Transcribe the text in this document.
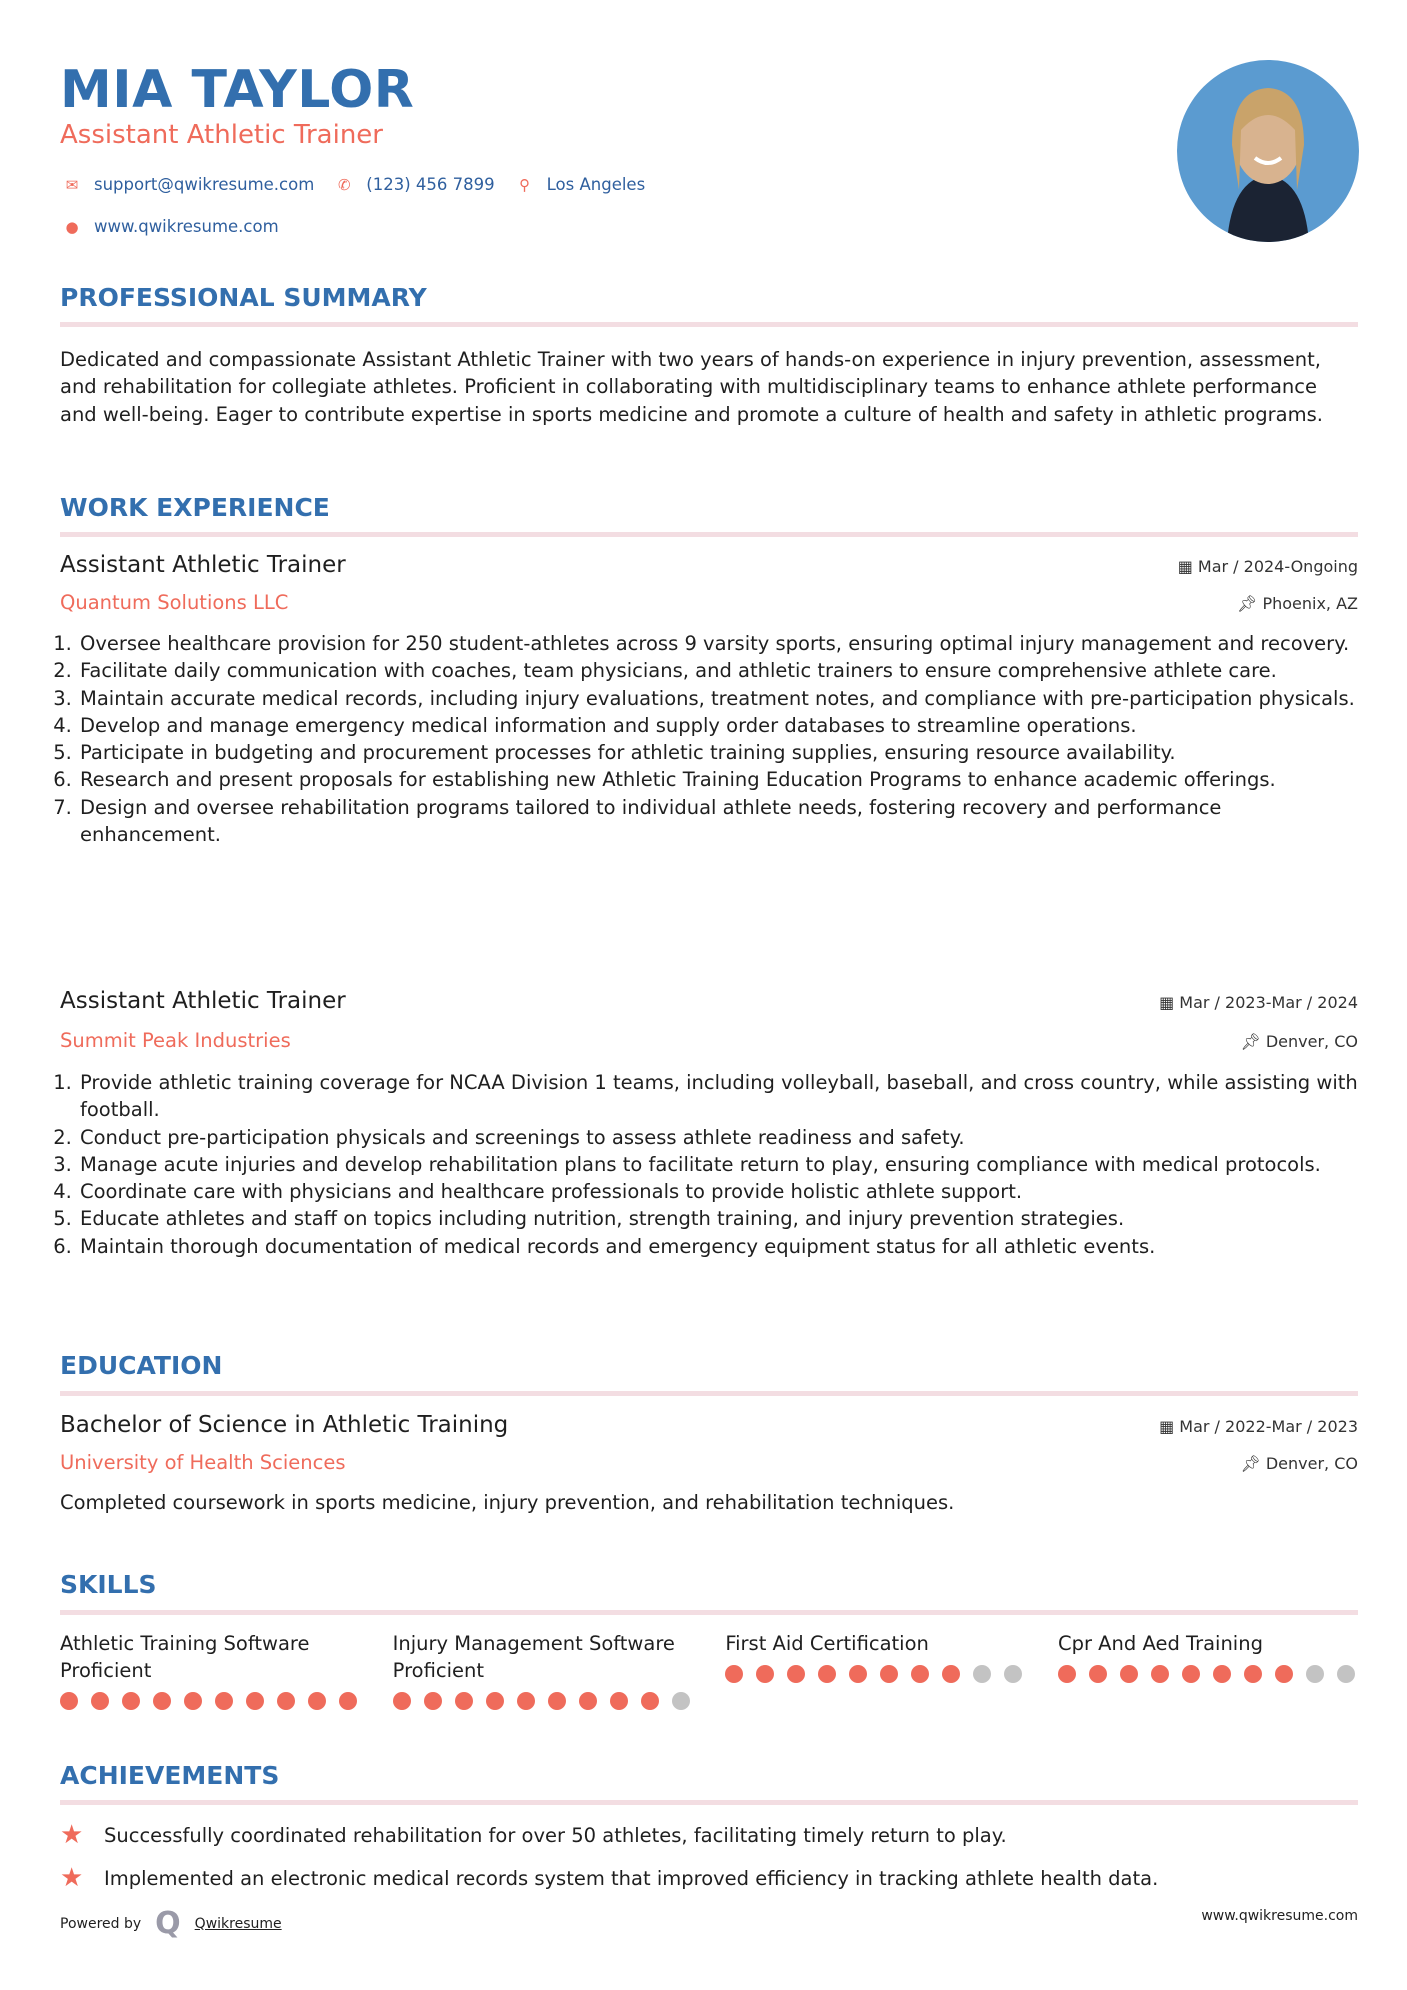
MIA TAYLOR
Assistant Athletic Trainer
✉ support@qwikresume.com	✆ (123) 456 7899	⚲	Los Angeles
● www.qwikresume.com
PROFESSIONAL SUMMARY
Dedicated and compassionate Assistant Athletic Trainer with two years of hands-on experience in injury prevention, assessment, and rehabilitation for collegiate athletes. Proficient in collaborating with multidisciplinary teams to enhance athlete performance and well-being. Eager to contribute expertise in sports medicine and promote a culture of health and safety in athletic programs.
WORK EXPERIENCE
Assistant Athletic Trainer	▦ Mar / 2024-Ongoing
Quantum Solutions LLC	📌︎ Phoenix, AZ
1. Oversee healthcare provision for 250 student-athletes across 9 varsity sports, ensuring optimal injury management and recovery.
2. Facilitate daily communication with coaches, team physicians, and athletic trainers to ensure comprehensive athlete care.
3. Maintain accurate medical records, including injury evaluations, treatment notes, and compliance with pre-participation physicals.
4. Develop and manage emergency medical information and supply order databases to streamline operations.
5. Participate in budgeting and procurement processes for athletic training supplies, ensuring resource availability.
6. Research and present proposals for establishing new Athletic Training Education Programs to enhance academic offerings.
7. Design and oversee rehabilitation programs tailored to individual athlete needs, fostering recovery and performance enhancement.
Assistant Athletic Trainer	▦ Mar / 2023-Mar / 2024
Summit Peak Industries	📌︎ Denver, CO
1. Provide athletic training coverage for NCAA Division 1 teams, including volleyball, baseball, and cross country, while assisting with football.
2. Conduct pre-participation physicals and screenings to assess athlete readiness and safety.
3. Manage acute injuries and develop rehabilitation plans to facilitate return to play, ensuring compliance with medical protocols.
4. Coordinate care with physicians and healthcare professionals to provide holistic athlete support.
5. Educate athletes and staff on topics including nutrition, strength training, and injury prevention strategies.
6. Maintain thorough documentation of medical records and emergency equipment status for all athletic events.
EDUCATION
Bachelor of Science in Athletic Training	▦ Mar / 2022-Mar / 2023
University of Health Sciences	📌︎ Denver, CO
Completed coursework in sports medicine, injury prevention, and rehabilitation techniques.
SKILLS
Athletic Training Software Proficient
Injury Management Software Proficient
First Aid Certification	Cpr And Aed Training
ACHIEVEMENTS
★	Successfully coordinated rehabilitation for over 50 athletes, facilitating timely return to play.
★	Implemented an electronic medical records system that improved efficiency in tracking athlete health data.
Powered by Q Qwikresume	www.qwikresume.com
